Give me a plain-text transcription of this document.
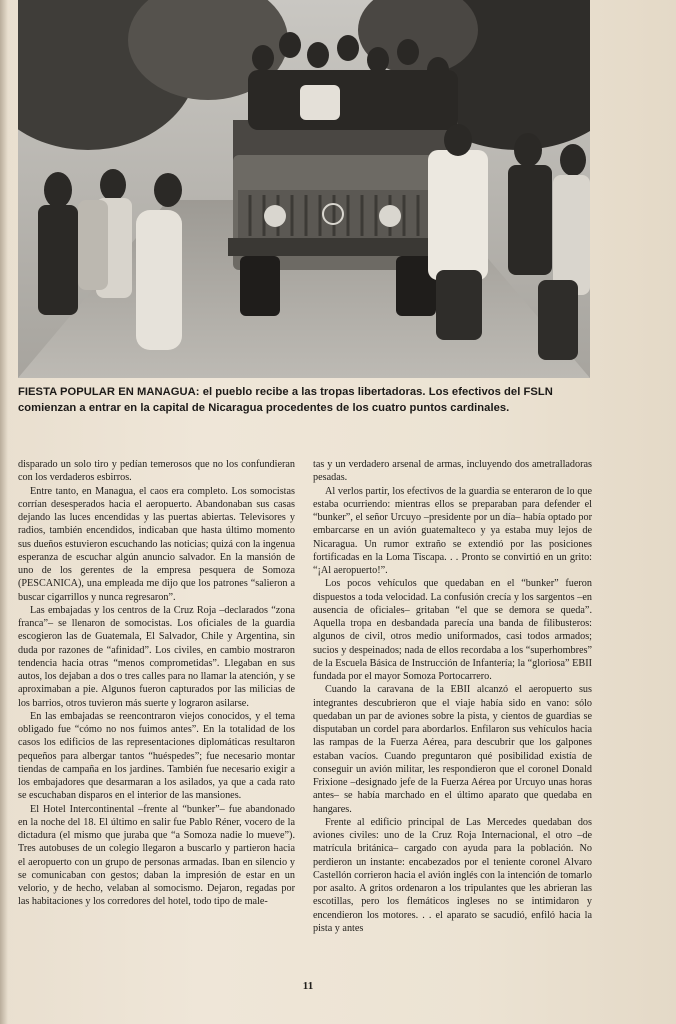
FIESTA POPULAR EN MANAGUA: el pueblo recibe a las tropas libertadoras. Los efectivos del FSLN comienzan a entrar en la capital de Nicaragua procedentes de los cuatro puntos cardinales.

disparado un solo tiro y pedían temerosos que no los confundieran con los verdaderos esbirros.

Entre tanto, en Managua, el caos era completo. Los somocistas corrían desesperados hacia el aeropuerto. Abandonaban sus casas dejando las luces encendidas y las puertas abiertas. Televisores y radios, también encendidos, indicaban que hasta último momento sus dueños estuvieron escuchando las noticias; quizá con la ingenua esperanza de escuchar algún anuncio salvador. En la mansión de uno de los gerentes de la empresa pesquera de Somoza (PESCANICA), una empleada me dijo que los patrones “salieron a buscar cigarrillos y nunca regresaron”.

Las embajadas y los centros de la Cruz Roja –declarados “zona franca”– se llenaron de somocistas. Los oficiales de la guardia escogieron las de Guatemala, El Salvador, Chile y Argentina, sin duda por razones de “afinidad”. Los civiles, en cambio mostraron tendencia hacia otras “menos comprometidas”. Llegaban en sus autos, los dejaban a dos o tres calles para no llamar la atención, y se aproximaban a pie. Algunos fueron capturados por las milicias de los barrios, otros tuvieron más suerte y lograron asilarse.

En las embajadas se reencontraron viejos conocidos, y el tema obligado fue “cómo no nos fuimos antes”. En la totalidad de los casos los edificios de las representaciones diplomáticas resultaron pequeños para albergar tantos “huéspedes”; fue necesario montar tiendas de campaña en los jardines. También fue necesario exigir a los embajadores que desarmaran a los asilados, ya que a cada rato se escuchaban disparos en el interior de las mansiones.

El Hotel Intercontinental –frente al “bunker”– fue abandonado en la noche del 18. El último en salir fue Pablo Réner, vocero de la dictadura (el mismo que juraba que “a Somoza nadie lo mueve”). Tres autobuses de un colegio llegaron a buscarlo y partieron hacia el aeropuerto con un grupo de personas armadas. Iban en silencio y se comunicaban con gestos; daban la impresión de estar en un velorio, y de hecho, velaban al somocismo. Dejaron, regadas por las habitaciones y los corredores del hotel, todo tipo de male-

tas y un verdadero arsenal de armas, incluyendo dos ametralladoras pesadas.

Al verlos partir, los efectivos de la guardia se enteraron de lo que estaba ocurriendo: mientras ellos se preparaban para defender el “bunker”, el señor Urcuyo –presidente por un día– había optado por embarcarse en un avión guatemalteco y ya estaba muy lejos de Nicaragua. Un rumor extraño se extendió por las posiciones fortificadas en la Loma Tiscapa. . . Pronto se convirtió en un grito: “¡Al aeropuerto!”.

Los pocos vehículos que quedaban en el “bunker” fueron dispuestos a toda velocidad. La confusión crecía y los sargentos –en ausencia de oficiales– gritaban “el que se demora se queda”. Aquella tropa en desbandada parecía una banda de filibusteros: algunos de civil, otros medio uniformados, casi todos armados; sucios y despeinados; nada de ellos recordaba a los “superhombres” de la Escuela Básica de Instrucción de Infantería; la “gloriosa” EBII fundada por el mayor Somoza Portocarrero.

Cuando la caravana de la EBII alcanzó el aeropuerto sus integrantes descubrieron que el viaje había sido en vano: sólo quedaban un par de aviones sobre la pista, y cientos de guardias se disputaban un cordel para abordarlos. Enfilaron sus vehículos hacia las rampas de la Fuerza Aérea, para descubrir que los galpones estaban vacíos. Cuando preguntaron qué posibilidad existía de conseguir un avión militar, les respondieron que el coronel Donald Frixione –designado jefe de la Fuerza Aérea por Urcuyo unas horas antes– se había marchado en el último aparato que quedaba en hangares.

Frente al edificio principal de Las Mercedes quedaban dos aviones civiles: uno de la Cruz Roja Internacional, el otro –de matrícula británica– cargado con ayuda para la población. No perdieron un instante: encabezados por el teniente coronel Alvaro Castellón corrieron hacia el avión inglés con la intención de tomarlo por asalto. A gritos ordenaron a los tripulantes que les abrieran las escotillas, pero los flemáticos ingleses no se intimidaron y encendieron los motores. . . el aparato se sacudió, enfiló hacia la pista y antes

11
